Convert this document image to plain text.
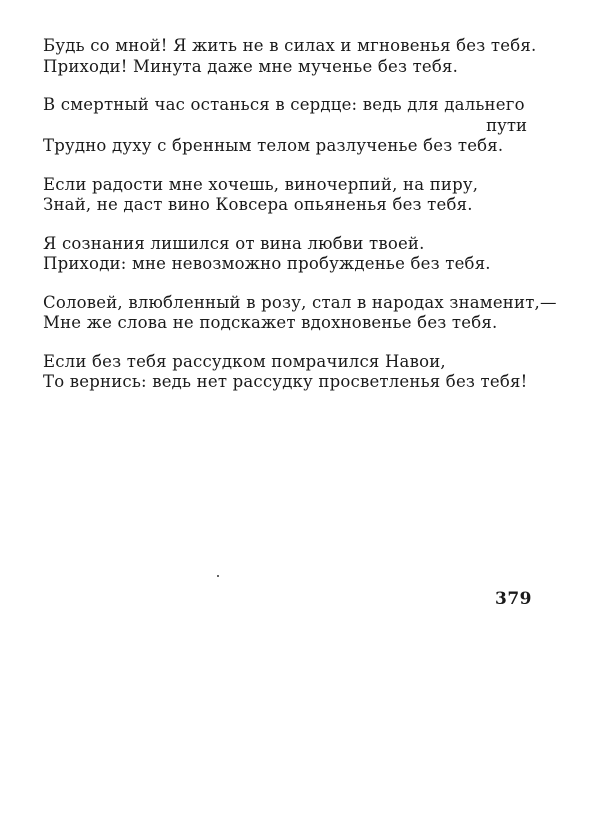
Будь со мной! Я жить не в силах и мгновенья без тебя.
Приходи! Минута даже мне мученье без тебя.
В смертный час останься в сердце: ведь для дальнего
пути
Трудно духу с бренным телом разлученье без тебя.
Если радости мне хочешь, виночерпий, на пиру,
Знай, не даст вино Ковсера опьяненья без тебя.
Я сознания лишился от вина любви твоей.
Приходи: мне невозможно пробужденье без тебя.
Соловей, влюбленный в розу, стал в народах знаменит,—
Мне же слова не подскажет вдохновенье без тебя.
Если без тебя рассудком помрачился Навои,
То вернись: ведь нет рассудку просветленья без тебя!
379
